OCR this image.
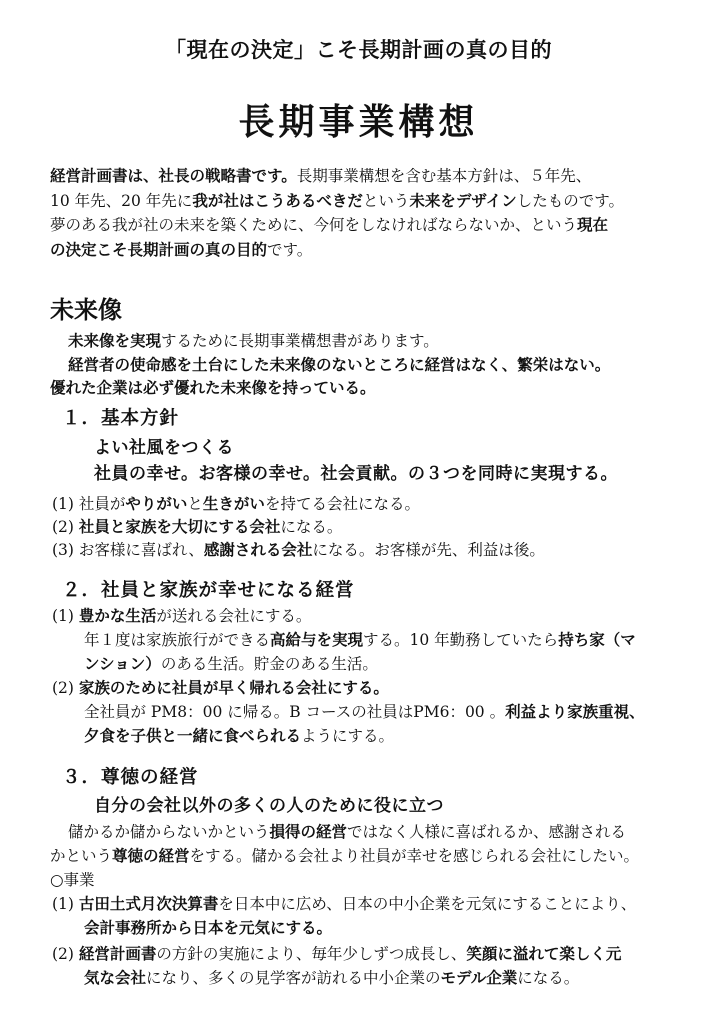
「現在の決定」こそ長期計画の真の目的
長期事業構想
経営計画書は、社長の戦略書です。長期事業構想を含む基本方針は、５年先、
10 年先、20 年先に我が社はこうあるべきだという未来をデザインしたものです。
夢のある我が社の未来を築くために、今何をしなければならないか、という現在
の決定こそ長期計画の真の目的です。
未来像
未来像を実現するために長期事業構想書があります。
経営者の使命感を土台にした未来像のないところに経営はなく、繁栄はない。
優れた企業は必ず優れた未来像を持っている。
１．基本方針
よい社風をつくる
社員の幸せ。お客様の幸せ。社会貢献。の３つを同時に実現する。
(1) 社員がやりがいと生きがいを持てる会社になる。
(2) 社員と家族を大切にする会社になる。
(3) お客様に喜ばれ、感謝される会社になる。お客様が先、利益は後。
２．社員と家族が幸せになる経営
(1) 豊かな生活が送れる会社にする。
年１度は家族旅行ができる高給与を実現する。10 年勤務していたら持ち家（マ
ンション）のある生活。貯金のある生活。
(2) 家族のために社員が早く帰れる会社にする。
全社員が PM8：00 に帰る。B コースの社員はPM6：00 。利益より家族重視、
夕食を子供と一緒に食べられるようにする。
３．尊徳の経営
自分の会社以外の多くの人のために役に立つ
儲かるか儲からないかという損得の経営ではなく人様に喜ばれるか、感謝される
かという尊徳の経営をする。儲かる会社より社員が幸せを感じられる会社にしたい。
○事業
(1) 古田土式月次決算書を日本中に広め、日本の中小企業を元気にすることにより、
会計事務所から日本を元気にする。
(2) 経営計画書の方針の実施により、毎年少しずつ成長し、笑顔に溢れて楽しく元
気な会社になり、多くの見学客が訪れる中小企業のモデル企業になる。
